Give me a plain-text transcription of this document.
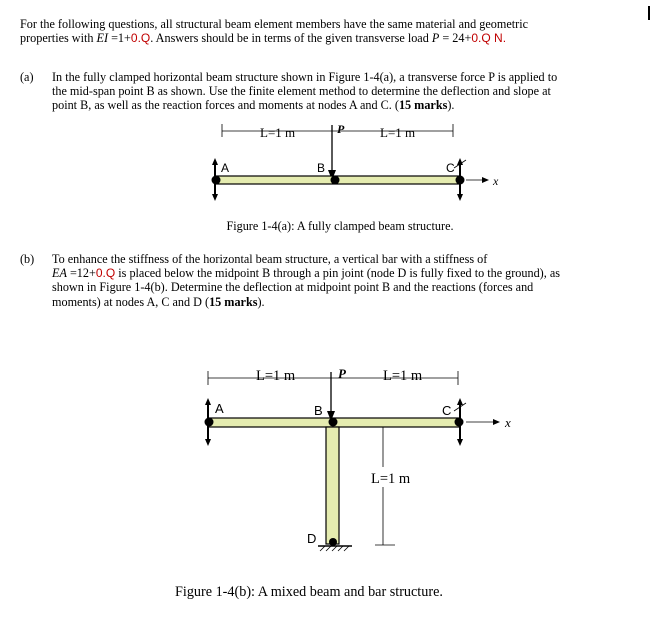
For the following questions, all structural beam element members have the same material and geometric
properties with EI =1+0.Q. Answers should be in terms of the given transverse load P = 24+0.Q N.
(a) In the fully clamped horizontal beam structure shown in Figure 1-4(a), a transverse force P is applied to
the mid-span point B as shown. Use the finite element method to determine the deflection and slope at
point B, as well as the reaction forces and moments at nodes A and C. (15 marks).
L=1 m	L=1 m
P
A	B	C
x
Figure 1-4(a): A fully clamped beam structure.
(b) To enhance the stiffness of the horizontal beam structure, a vertical bar with a stiffness of
EA =12+0.Q is placed below the midpoint B through a pin joint (node D is fully fixed to the ground), as
shown in Figure 1-4(b). Determine the deflection at midpoint point B and the reactions (forces and
moments) at nodes A, C and D (15 marks).
L=1 m	L=1 m
P
A	B	C
D
L=1 m
x
Figure 1-4(b): A mixed beam and bar structure.
